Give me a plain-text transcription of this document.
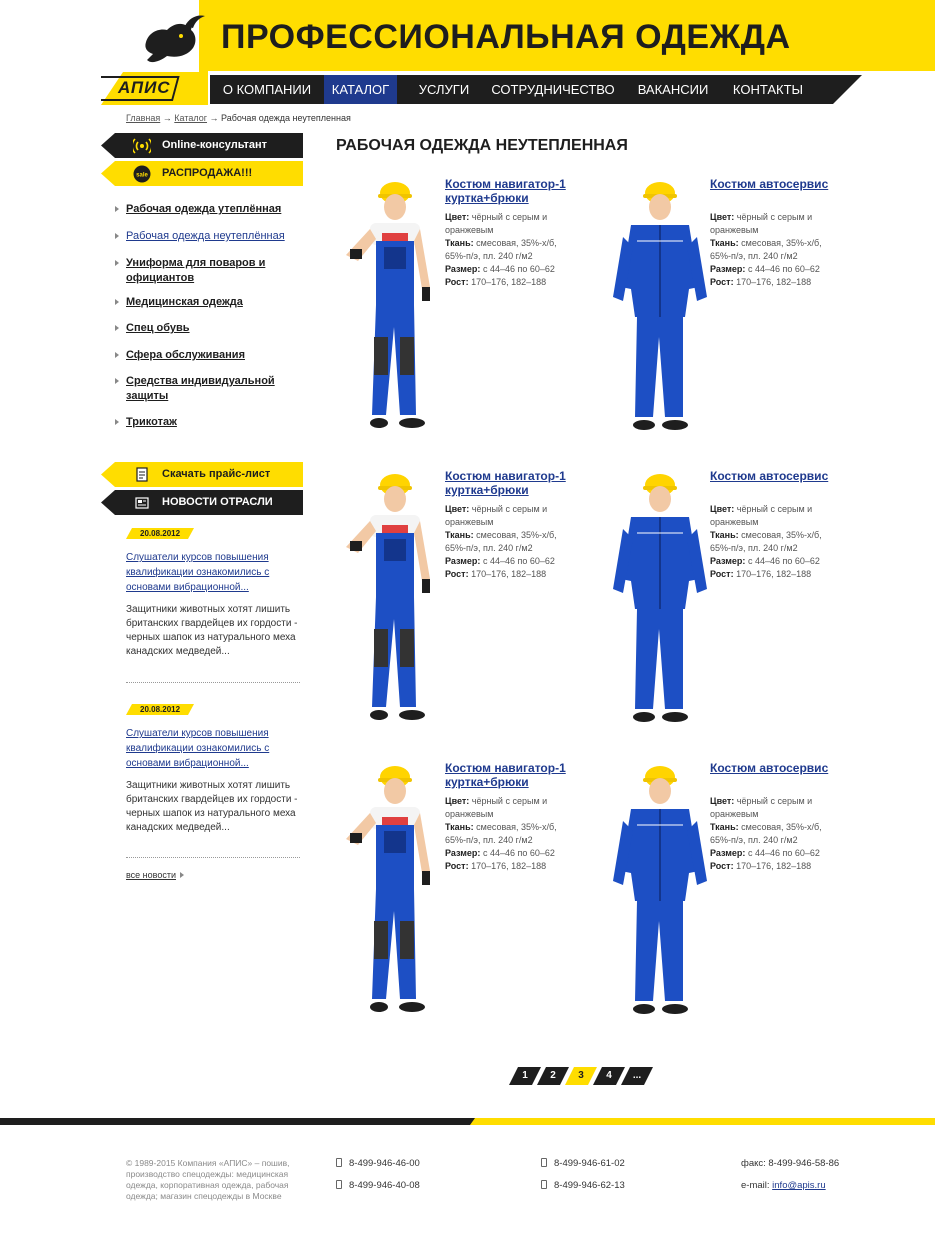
ПРОФЕССИОНАЛЬНАЯ ОДЕЖДА
АПИС	О КОМПАНИИ	КАТАЛОГ	УСЛУГИ	СОТРУДНИЧЕСТВО	ВАКАНСИИ	КОНТАКТЫ
Главная → Каталог → Рабочая одежда неутепленная
Online-консультант
sale РАСПРОДАЖА!!!
Рабочая одежда утеплённая
Рабочая одежда неутеплённая
Униформа для поваров и официантов
Медицинская одежда
Спец обувь
Сфера обслуживания
Средства индивидуальной защиты
Трикотаж
Скачать прайс-лист
НОВОСТИ ОТРАСЛИ
20.08.2012
Слушатели курсов повышения квалификации ознакомились с основами вибрационной...
Защитники животных хотят лишить британских гвардейцев их гордости - черных шапок из натурального меха канадских медведей...
20.08.2012
Слушатели курсов повышения квалификации ознакомились с основами вибрационной...
Защитники животных хотят лишить британских гвардейцев их гордости - черных шапок из натурального меха канадских медведей...
все новости
РАБОЧАЯ ОДЕЖДА НЕУТЕПЛЕННАЯ
Костюм навигатор-1 куртка+брюки
Цвет: чёрный с серым и оранжевым
Ткань: смесовая, 35%-х/б, 65%-п/э, пл. 240 г/м2
Размер: с 44–46 по 60–62
Рост: 170–176, 182–188
Костюм автосервис
Цвет: чёрный с серым и оранжевым
Ткань: смесовая, 35%-х/б, 65%-п/э, пл. 240 г/м2
Размер: с 44–46 по 60–62
Рост: 170–176, 182–188
Костюм навигатор-1 куртка+брюки
Цвет: чёрный с серым и оранжевым
Ткань: смесовая, 35%-х/б, 65%-п/э, пл. 240 г/м2
Размер: с 44–46 по 60–62
Рост: 170–176, 182–188
Костюм автосервис
Цвет: чёрный с серым и оранжевым
Ткань: смесовая, 35%-х/б, 65%-п/э, пл. 240 г/м2
Размер: с 44–46 по 60–62
Рост: 170–176, 182–188
Костюм навигатор-1 куртка+брюки
Цвет: чёрный с серым и оранжевым
Ткань: смесовая, 35%-х/б, 65%-п/э, пл. 240 г/м2
Размер: с 44–46 по 60–62
Рост: 170–176, 182–188
Костюм автосервис
Цвет: чёрный с серым и оранжевым
Ткань: смесовая, 35%-х/б, 65%-п/э, пл. 240 г/м2
Размер: с 44–46 по 60–62
Рост: 170–176, 182–188
1	2	3	4	...
© 1989-2015 Компания «АПИС» – пошив, производство спецодежды: медицинская одежда, корпоративная одежда, рабочая одежда; магазин спецодежды в Москве
8-499-946-46-00
8-499-946-40-08
8-499-946-61-02
8-499-946-62-13
факс: 8-499-946-58-86
e-mail: info@apis.ru
